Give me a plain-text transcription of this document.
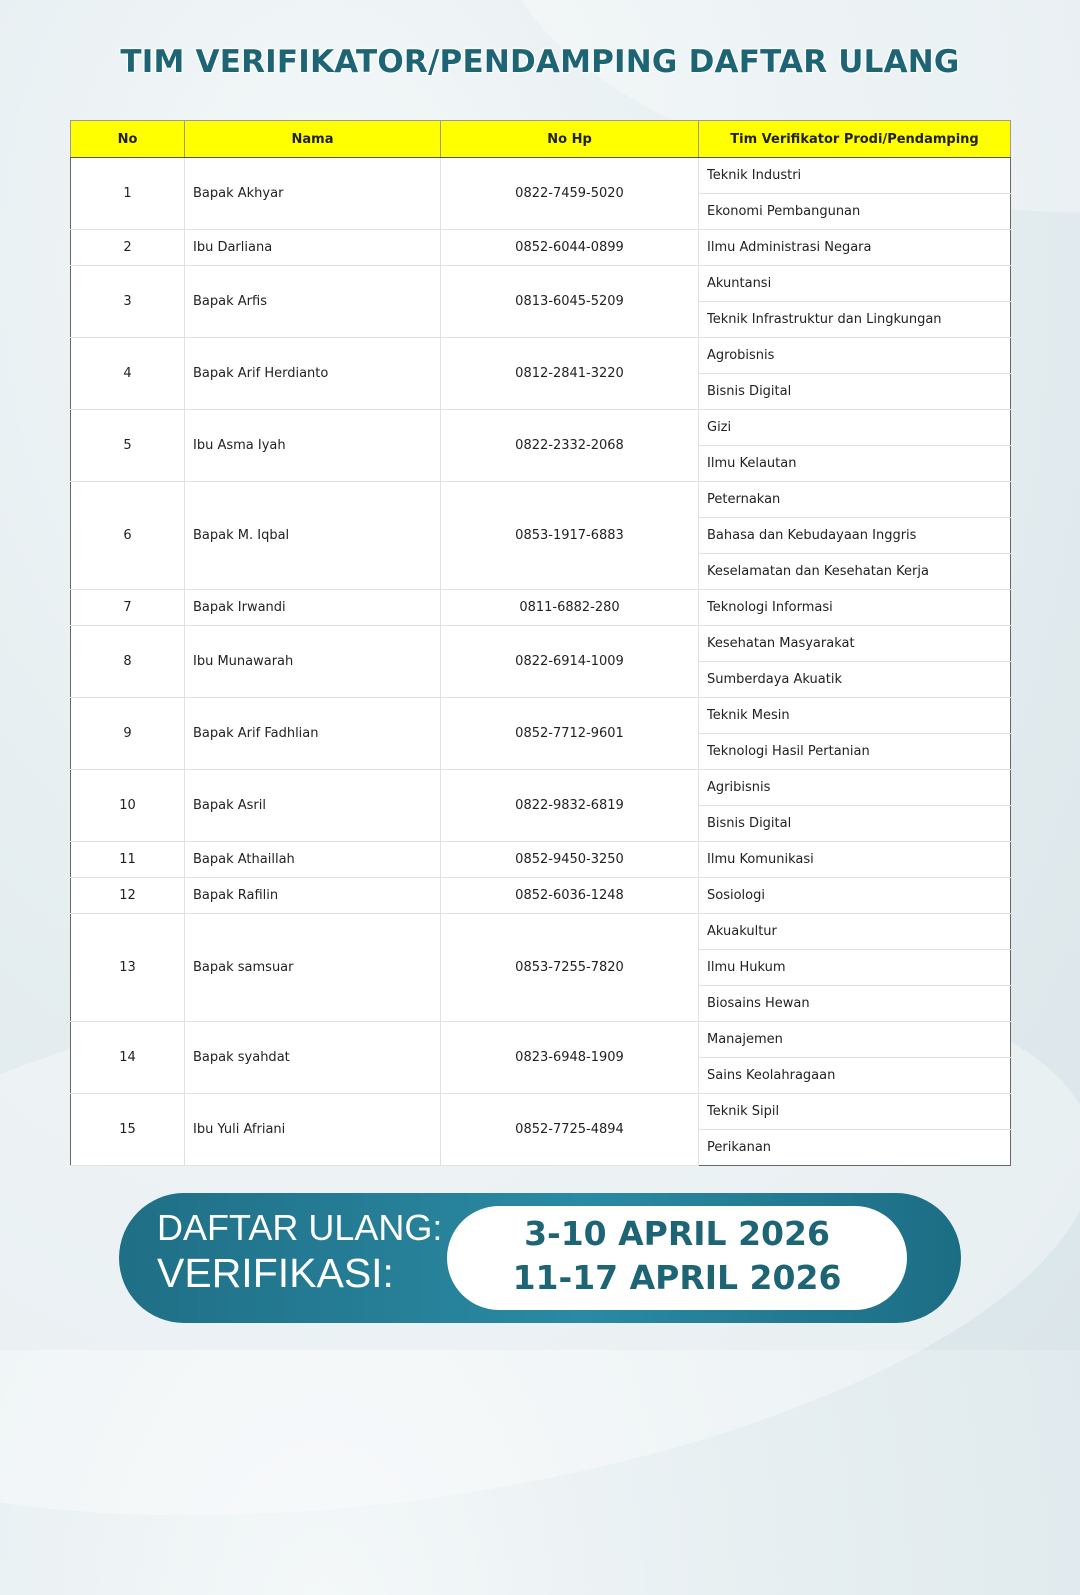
TIM VERIFIKATOR/PENDAMPING DAFTAR ULANG
No	Nama	No Hp	Tim Verifikator Prodi/Pendamping
1	Bapak Akhyar	0822-7459-5020	Teknik Industri
			Ekonomi Pembangunan
2	Ibu Darliana	0852-6044-0899	Ilmu Administrasi Negara
3	Bapak Arfis	0813-6045-5209	Akuntansi
			Teknik Infrastruktur dan Lingkungan
4	Bapak Arif Herdianto	0812-2841-3220	Agrobisnis
			Bisnis Digital
5	Ibu Asma Iyah	0822-2332-2068	Gizi
			Ilmu Kelautan
6	Bapak M. Iqbal	0853-1917-6883	Peternakan
			Bahasa dan Kebudayaan Inggris
			Keselamatan dan Kesehatan Kerja
7	Bapak Irwandi	0811-6882-280	Teknologi Informasi
8	Ibu Munawarah	0822-6914-1009	Kesehatan Masyarakat
			Sumberdaya Akuatik
9	Bapak Arif Fadhlian	0852-7712-9601	Teknik Mesin
			Teknologi Hasil Pertanian
10	Bapak Asril	0822-9832-6819	Agribisnis
			Bisnis Digital
11	Bapak Athaillah	0852-9450-3250	Ilmu Komunikasi
12	Bapak Rafilin	0852-6036-1248	Sosiologi
13	Bapak samsuar	0853-7255-7820	Akuakultur
			Ilmu Hukum
			Biosains Hewan
14	Bapak syahdat	0823-6948-1909	Manajemen
			Sains Keolahragaan
15	Ibu Yuli Afriani	0852-7725-4894	Teknik Sipil
			Perikanan
DAFTAR ULANG:
VERIFIKASI:
3-10 APRIL 2026
11-17 APRIL 2026
